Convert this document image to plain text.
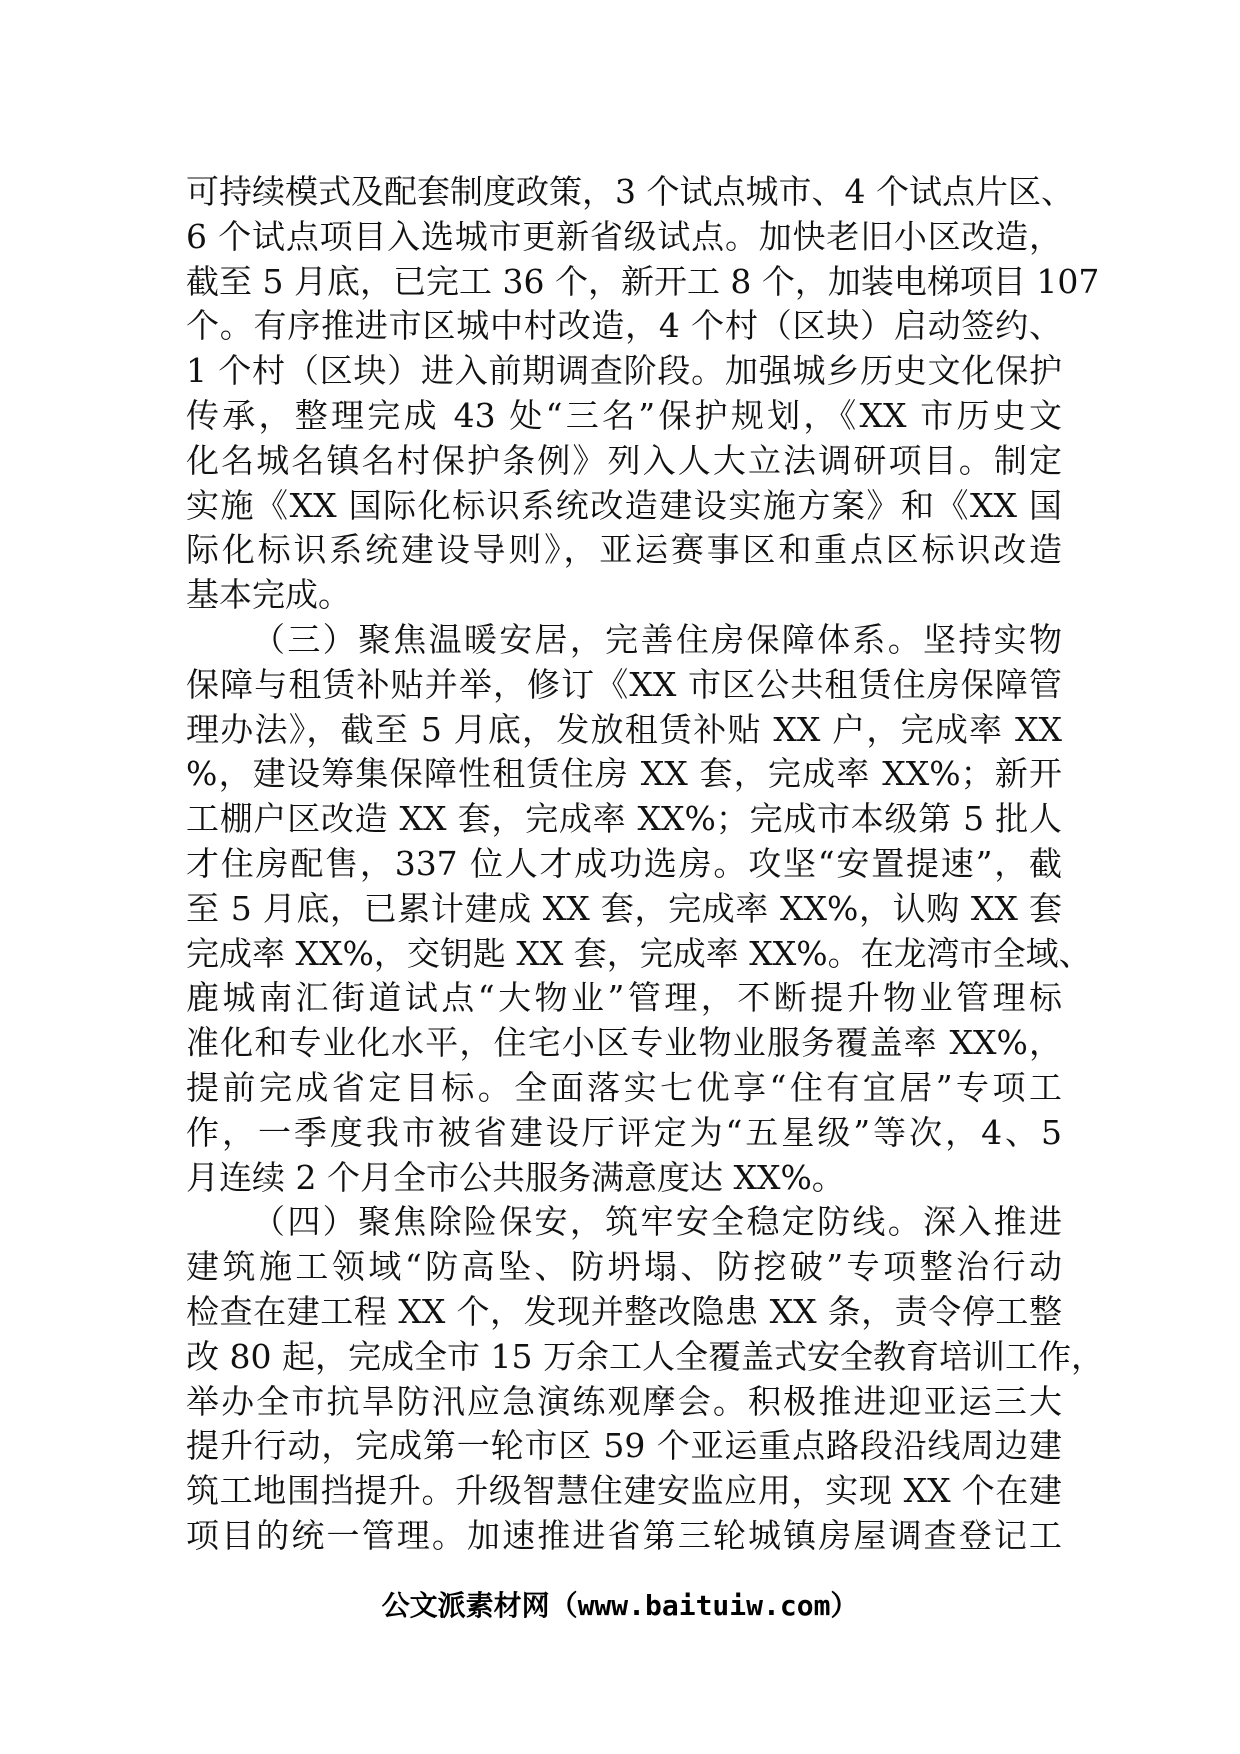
可持续模式及配套制度政策，3 个试点城市、4 个试点片区、
6 个试点项目入选城市更新省级试点。加快老旧小区改造，
截至 5 月底，已完工 36 个，新开工 8 个，加装电梯项目 107
个。有序推进市区城中村改造，4 个村（区块）启动签约、
1 个村（区块）进入前期调查阶段。加强城乡历史文化保护
传承，整理完成 43 处“三名”保护规划，《XX 市历史文
化名城名镇名村保护条例》列入人大立法调研项目。制定
实施《XX 国际化标识系统改造建设实施方案》和《XX 国
际化标识系统建设导则》，亚运赛事区和重点区标识改造
基本完成。
（三）聚焦温暖安居，完善住房保障体系。坚持实物
保障与租赁补贴并举，修订《XX 市区公共租赁住房保障管
理办法》，截至 5 月底，发放租赁补贴 XX 户，完成率 XX
%，建设筹集保障性租赁住房 XX 套，完成率 XX%；新开
工棚户区改造 XX 套，完成率 XX%；完成市本级第 5 批人
才住房配售，337 位人才成功选房。攻坚“安置提速”，截
至 5 月底，已累计建成 XX 套，完成率 XX%，认购 XX 套
完成率 XX%，交钥匙 XX 套，完成率 XX%。在龙湾市全域、
鹿城南汇街道试点“大物业”管理，不断提升物业管理标
准化和专业化水平，住宅小区专业物业服务覆盖率 XX%，
提前完成省定目标。全面落实七优享“住有宜居”专项工
作，一季度我市被省建设厅评定为“五星级”等次，4、5
月连续 2 个月全市公共服务满意度达 XX%。
（四）聚焦除险保安，筑牢安全稳定防线。深入推进
建筑施工领域“防高坠、防坍塌、防挖破”专项整治行动
检查在建工程 XX 个，发现并整改隐患 XX 条，责令停工整
改 80 起，完成全市 15 万余工人全覆盖式安全教育培训工作，
举办全市抗旱防汛应急演练观摩会。积极推进迎亚运三大
提升行动，完成第一轮市区 59 个亚运重点路段沿线周边建
筑工地围挡提升。升级智慧住建安监应用，实现 XX 个在建
项目的统一管理。加速推进省第三轮城镇房屋调查登记工
公文派素材网（www.baituiw.com）
